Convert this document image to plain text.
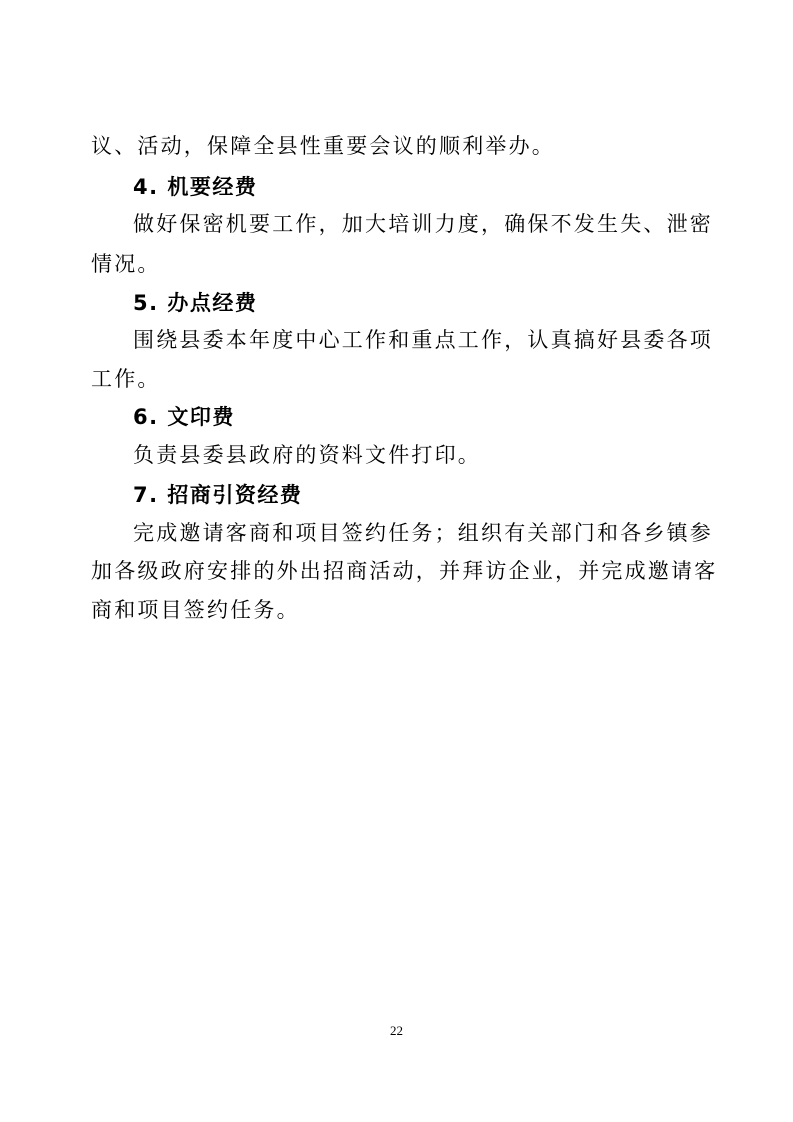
议、活动，保障全县性重要会议的顺利举办。
4. 机要经费
做好保密机要工作，加大培训力度，确保不发生失、泄密
情况。
5. 办点经费
围绕县委本年度中心工作和重点工作，认真搞好县委各项
工作。
6. 文印费
负责县委县政府的资料文件打印。
7. 招商引资经费
完成邀请客商和项目签约任务；组织有关部门和各乡镇参
加各级政府安排的外出招商活动，并拜访企业，并完成邀请客
商和项目签约任务。
22
